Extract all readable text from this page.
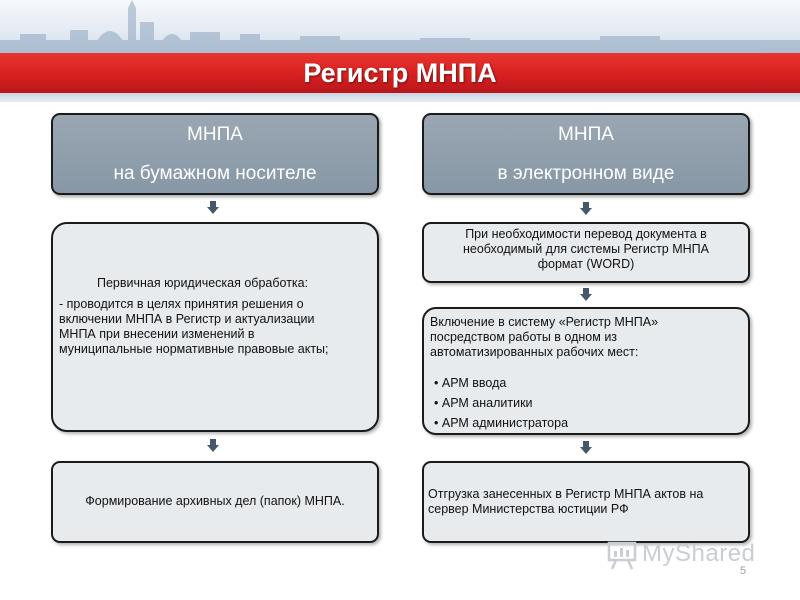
Регистр МНПА
МНПА
на бумажном носителе
Первичная юридическая обработка:
- проводится в целях принятия решения о
включении МНПА в Регистр и актуализации
МНПА при внесении изменений в
муниципальные нормативные правовые акты;
Формирование архивных дел (папок) МНПА.
МНПА
в электронном виде
При необходимости перевод документа в
необходимый для системы Регистр МНПА
формат (WORD)
Включение в систему «Регистр МНПА»
посредством работы в одном из
автоматизированных рабочих мест:
• АРМ ввода
• АРМ аналитики
• АРМ администратора
Отгрузка занесенных в Регистр МНПА актов на
сервер Министерства юстиции РФ
MyShared
5
